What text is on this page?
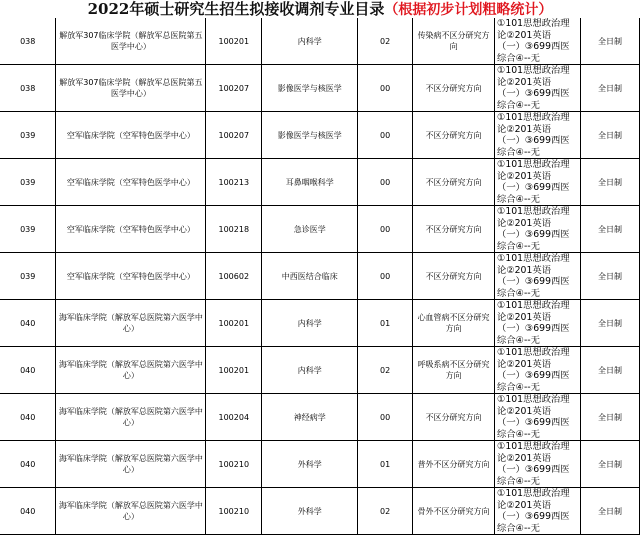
2022年硕士研究生招生拟接收调剂专业目录（根据初步计划粗略统计）
038	解放军307临床学院（解放军总医院第五医学中心）	100201	内科学	02	传染病不区分研究方向	①101思想政治理
论②201英语
（一）③699西医
综合④--无	全日制
038	解放军307临床学院（解放军总医院第五医学中心）	100207	影像医学与核医学	00	不区分研究方向	①101思想政治理
论②201英语
（一）③699西医
综合④--无	全日制
039	空军临床学院（空军特色医学中心）	100207	影像医学与核医学	00	不区分研究方向	①101思想政治理
论②201英语
（一）③699西医
综合④--无	全日制
039	空军临床学院（空军特色医学中心）	100213	耳鼻咽喉科学	00	不区分研究方向	①101思想政治理
论②201英语
（一）③699西医
综合④--无	全日制
039	空军临床学院（空军特色医学中心）	100218	急诊医学	00	不区分研究方向	①101思想政治理
论②201英语
（一）③699西医
综合④--无	全日制
039	空军临床学院（空军特色医学中心）	100602	中西医结合临床	00	不区分研究方向	①101思想政治理
论②201英语
（一）③699西医
综合④--无	全日制
040	海军临床学院（解放军总医院第六医学中心）	100201	内科学	01	心血管病不区分研究方向	①101思想政治理
论②201英语
（一）③699西医
综合④--无	全日制
040	海军临床学院（解放军总医院第六医学中心）	100201	内科学	02	呼吸系病不区分研究方向	①101思想政治理
论②201英语
（一）③699西医
综合④--无	全日制
040	海军临床学院（解放军总医院第六医学中心）	100204	神经病学	00	不区分研究方向	①101思想政治理
论②201英语
（一）③699西医
综合④--无	全日制
040	海军临床学院（解放军总医院第六医学中心）	100210	外科学	01	普外不区分研究方向	①101思想政治理
论②201英语
（一）③699西医
综合④--无	全日制
040	海军临床学院（解放军总医院第六医学中心）	100210	外科学	02	骨外不区分研究方向	①101思想政治理
论②201英语
（一）③699西医
综合④--无	全日制
